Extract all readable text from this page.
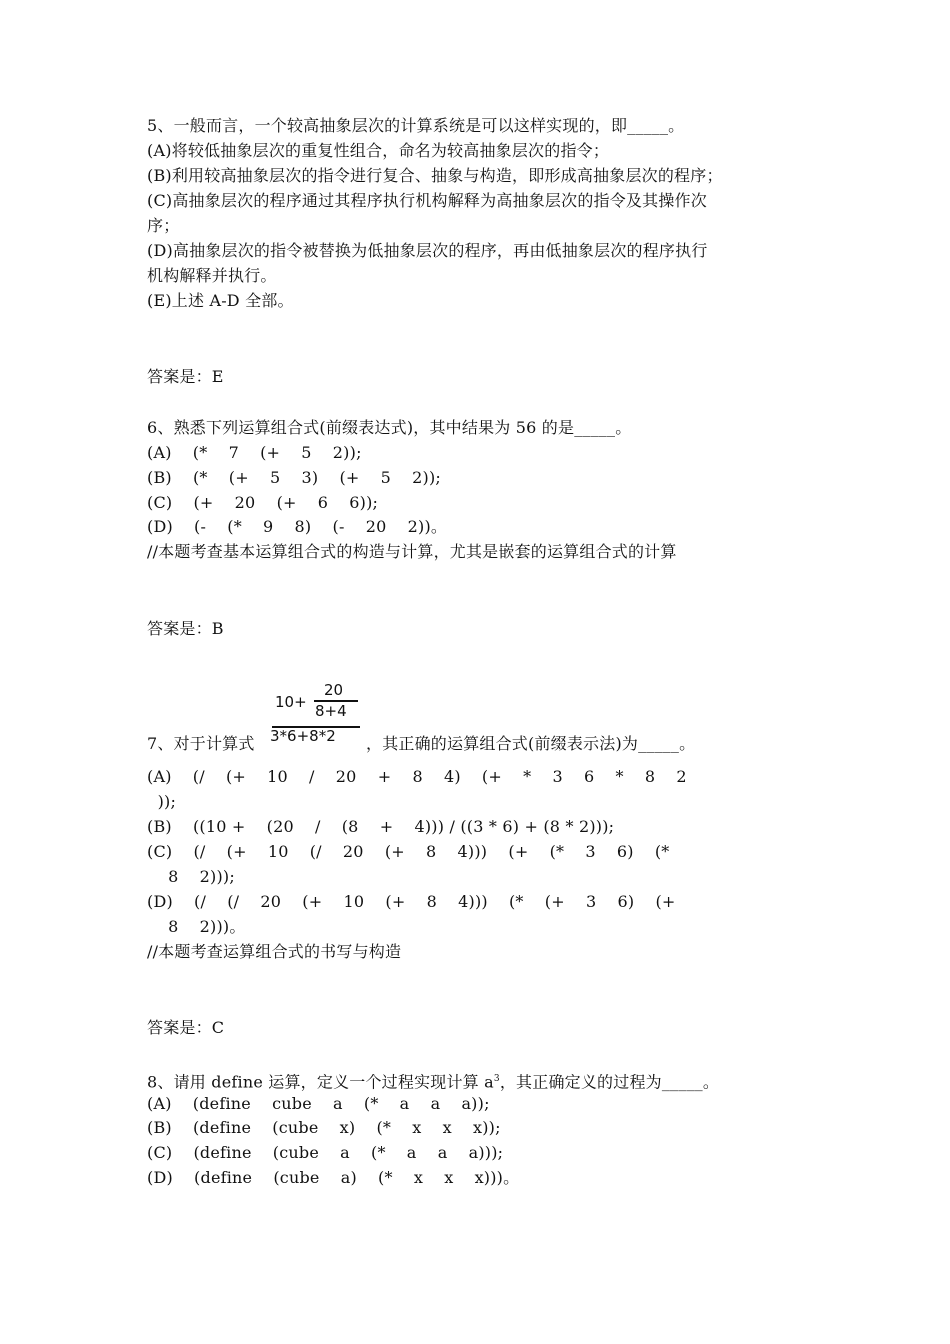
5、一般而言，一个较高抽象层次的计算系统是可以这样实现的，即_____。
(A)将较低抽象层次的重复性组合，命名为较高抽象层次的指令；
(B)利用较高抽象层次的指令进行复合、抽象与构造，即形成高抽象层次的程序；
(C)高抽象层次的程序通过其程序执行机构解释为高抽象层次的指令及其操作次
序；
(D)高抽象层次的指令被替换为低抽象层次的程序，再由低抽象层次的程序执行
机构解释并执行。
(E)上述 A-D 全部。
答案是：E
6、熟悉下列运算组合式(前缀表达式)，其中结果为 56 的是_____。
(A)    (*    7    (+    5    2));
(B)    (*    (+    5    3)    (+    5    2));
(C)    (+    20    (+    6    6));
(D)    (-    (*    9    8)    (-    20    2))。
//本题考查基本运算组合式的构造与计算，尤其是嵌套的运算组合式的计算
答案是：B
10+
20
8+4
3*6+8*2
7、对于计算式	，其正确的运算组合式(前缀表示法)为_____。
(A)    (/    (+    10    /    20    +    8    4)    (+    *    3    6    *    8    2
));
(B)    ((10 +    (20    /    (8    +    4))) / ((3 * 6) + (8 * 2)));
(C)    (/    (+    10    (/    20    (+    8    4)))    (+    (*    3    6)    (*
8    2)));
(D)    (/    (/    20    (+    10    (+    8    4)))    (*    (+    3    6)    (+
8    2)))。
//本题考查运算组合式的书写与构造
答案是：C
8、请用 define 运算，定义一个过程实现计算 $a^3$，其正确定义的过程为_____。
(A)    (define    cube    a    (*    a    a    a));
(B)    (define    (cube    x)    (*    x    x    x));
(C)    (define    (cube    a    (*    a    a    a)));
(D)    (define    (cube    a)    (*    x    x    x)))。
